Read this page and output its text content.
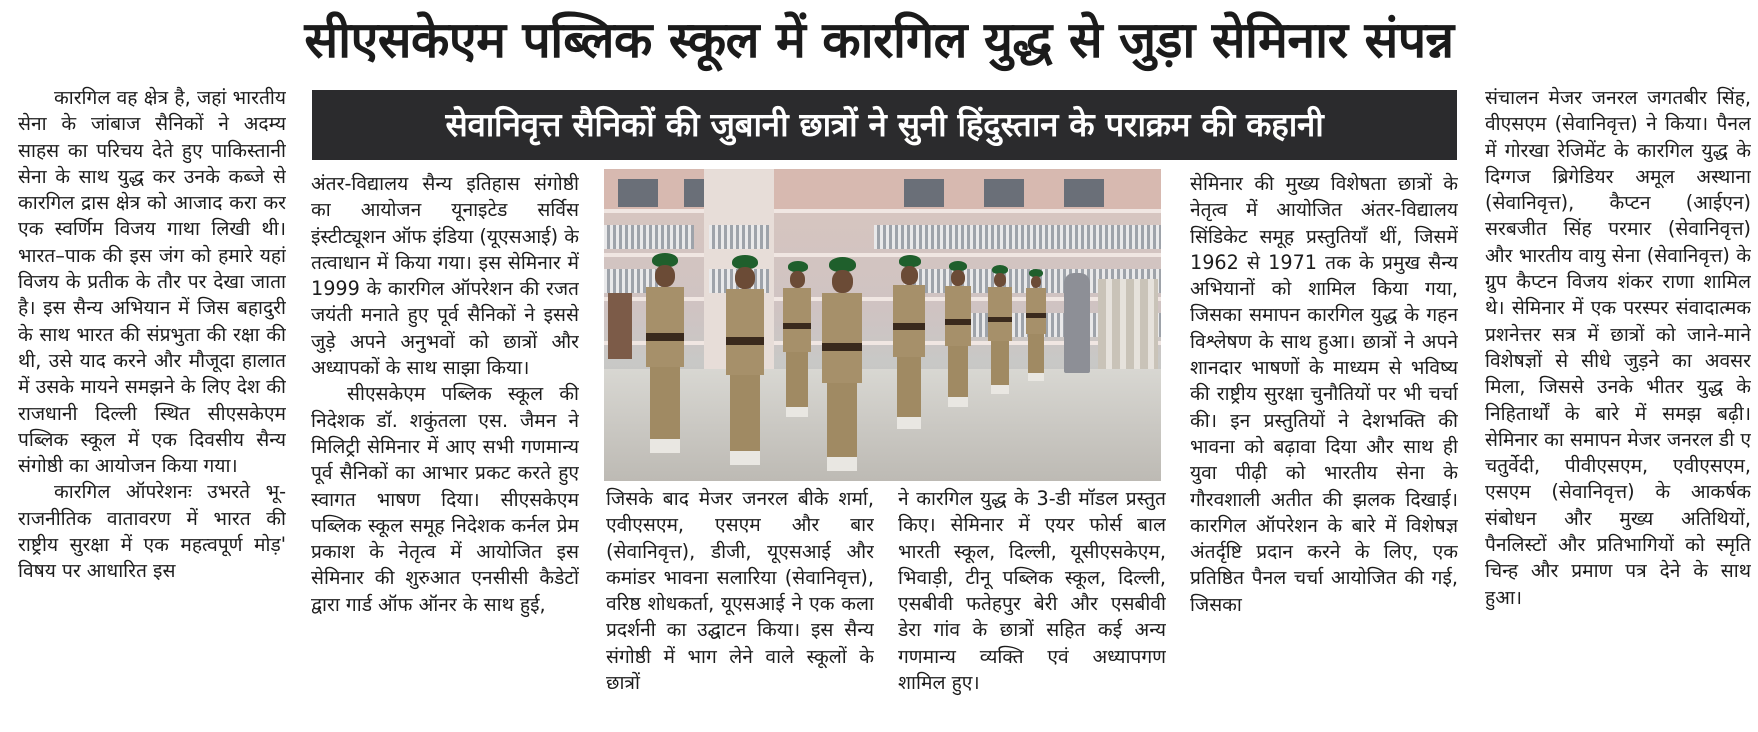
सीएसकेएम पब्लिक स्कूल में कारगिल युद्ध से जुड़ा सेमिनार संपन्न
सेवानिवृत्त सैनिकों की जुबानी छात्रों ने सुनी हिंदुस्तान के पराक्रम की कहानी

कारगिल वह क्षेत्र है, जहां भारतीय सेना के जांबाज सैनिकों ने अदम्य साहस का परिचय देते हुए पाकिस्तानी सेना के साथ युद्ध कर उनके कब्जे से कारगिल द्रास क्षेत्र को आजाद करा कर एक स्वर्णिम विजय गाथा लिखी थी। भारत–पाक की इस जंग को हमारे यहां विजय के प्रतीक के तौर पर देखा जाता है। इस सैन्य अभियान में जिस बहादुरी के साथ भारत की संप्रभुता की रक्षा की थी, उसे याद करने और मौजूदा हालात में उसके मायने समझने के लिए देश की राजधानी दिल्ली स्थित सीएसकेएम पब्लिक स्कूल में एक दिवसीय सैन्य संगोष्ठी का आयोजन किया गया।

कारगिल ऑपरेशनः उभरते भू-राजनीतिक वातावरण में भारत की राष्ट्रीय सुरक्षा में एक महत्वपूर्ण मोड़' विषय पर आधारित इस

अंतर-विद्यालय सैन्य इतिहास संगोष्ठी का आयोजन यूनाइटेड सर्विस इंस्टीट्यूशन ऑफ इंडिया (यूएसआई) के तत्वाधान में किया गया। इस सेमिनार में 1999 के कारगिल ऑपरेशन की रजत जयंती मनाते हुए पूर्व सैनिकों ने इससे जुड़े अपने अनुभवों को छात्रों और अध्यापकों के साथ साझा किया।

सीएसकेएम पब्लिक स्कूल की निदेशक डॉ. शकुंतला एस. जैमन ने मिलिट्री सेमिनार में आए सभी गणमान्य पूर्व सैनिकों का आभार प्रकट करते हुए स्वागत भाषण दिया। सीएसकेएम पब्लिक स्कूल समूह निदेशक कर्नल प्रेम प्रकाश के नेतृत्व में आयोजित इस सेमिनार की शुरुआत एनसीसी कैडेटों द्वारा गार्ड ऑफ ऑनर के साथ हुई,

जिसके बाद मेजर जनरल बीके शर्मा, एवीएसएम, एसएम और बार (सेवानिवृत्त), डीजी, यूएसआई और कमांडर भावना सलारिया (सेवानिवृत्त), वरिष्ठ शोधकर्ता, यूएसआई ने एक कला प्रदर्शनी का उद्घाटन किया। इस सैन्य संगोष्ठी में भाग लेने वाले स्कूलों के छात्रों

ने कारगिल युद्ध के 3-डी मॉडल प्रस्तुत किए। सेमिनार में एयर फोर्स बाल भारती स्कूल, दिल्ली, यूसीएसकेएम, भिवाड़ी, टीनू पब्लिक स्कूल, दिल्ली, एसबीवी फतेहपुर बेरी और एसबीवी डेरा गांव के छात्रों सहित कई अन्य गणमान्य व्यक्ति एवं अध्यापगण शामिल हुए।

सेमिनार की मुख्य विशेषता छात्रों के नेतृत्व में आयोजित अंतर-विद्यालय सिंडिकेट समूह प्रस्तुतियाँ थीं, जिसमें 1962 से 1971 तक के प्रमुख सैन्य अभियानों को शामिल किया गया, जिसका समापन कारगिल युद्ध के गहन विश्लेषण के साथ हुआ। छात्रों ने अपने शानदार भाषणों के माध्यम से भविष्य की राष्ट्रीय सुरक्षा चुनौतियों पर भी चर्चा की। इन प्रस्तुतियों ने देशभक्ति की भावना को बढ़ावा दिया और साथ ही युवा पीढ़ी को भारतीय सेना के गौरवशाली अतीत की झलक दिखाई। कारगिल ऑपरेशन के बारे में विशेषज्ञ अंतर्दृष्टि प्रदान करने के लिए, एक प्रतिष्ठित पैनल चर्चा आयोजित की गई, जिसका

संचालन मेजर जनरल जगतबीर सिंह, वीएसएम (सेवानिवृत्त) ने किया। पैनल में गोरखा रेजिमेंट के कारगिल युद्ध के दिग्गज ब्रिगेडियर अमूल अस्थाना (सेवानिवृत्त), कैप्टन (आईएन) सरबजीत सिंह परमार (सेवानिवृत्त) और भारतीय वायु सेना (सेवानिवृत्त) के ग्रुप कैप्टन विजय शंकर राणा शामिल थे। सेमिनार में एक परस्पर संवादात्मक प्रशनेत्तर सत्र में छात्रों को जाने-माने विशेषज्ञों से सीधे जुड़ने का अवसर मिला, जिससे उनके भीतर युद्ध के निहितार्थों के बारे में समझ बढ़ी। सेमिनार का समापन मेजर जनरल डी ए चतुर्वेदी, पीवीएसएम, एवीएसएम, एसएम (सेवानिवृत्त) के आकर्षक संबोधन और मुख्य अतिथियों, पैनलिस्टों और प्रतिभागियों को स्मृति चिन्ह और प्रमाण पत्र देने के साथ हुआ।
